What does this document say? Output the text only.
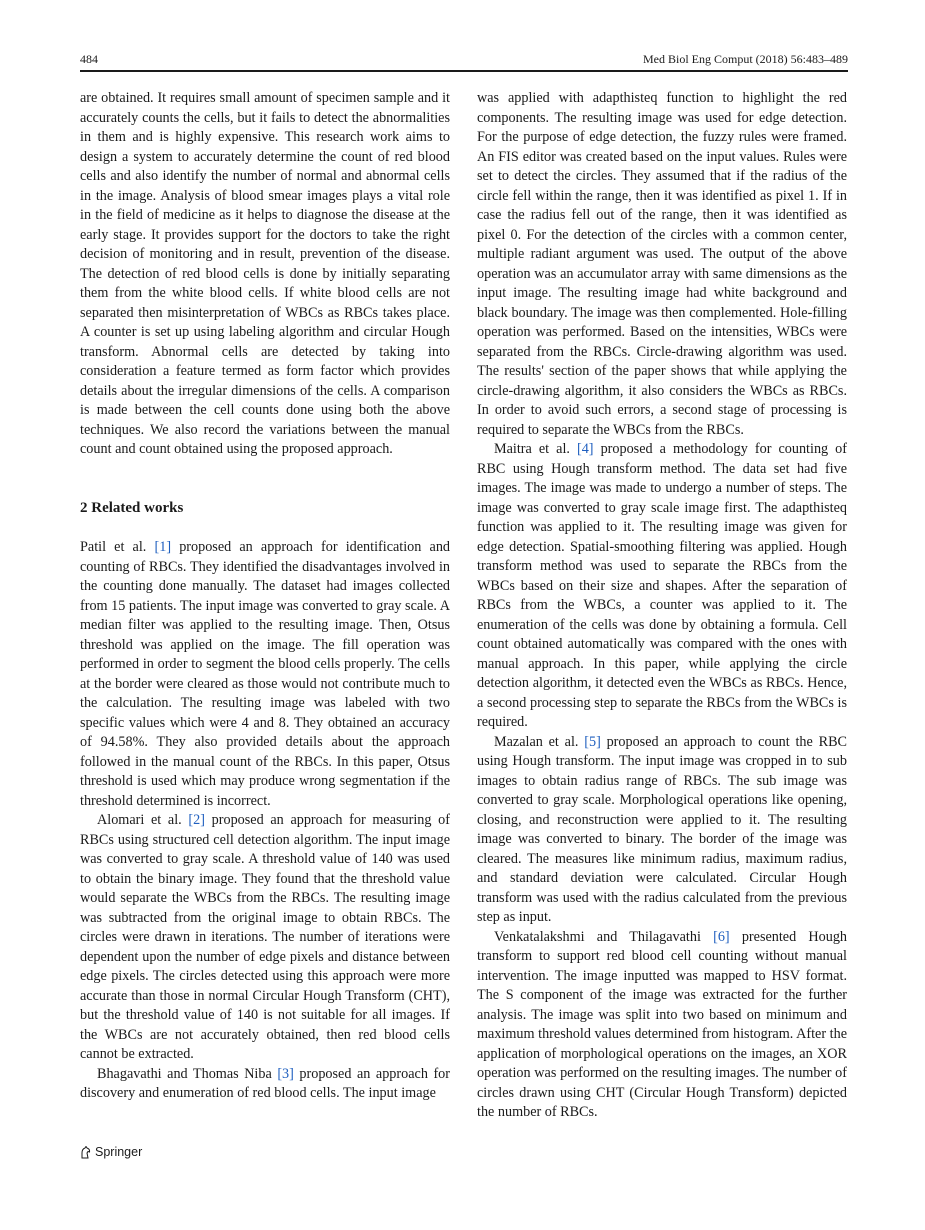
484	Med Biol Eng Comput (2018) 56:483–489

are obtained. It requires small amount of specimen sample and it accurately counts the cells, but it fails to detect the abnormalities in them and is highly expensive. This research work aims to design a system to accurately determine the count of red blood cells and also identify the number of normal and abnormal cells in the image. Analysis of blood smear images plays a vital role in the field of medicine as it helps to diagnose the disease at the early stage. It provides support for the doctors to take the right decision of monitoring and in result, prevention of the disease. The detection of red blood cells is done by initially separating them from the white blood cells. If white blood cells are not separated then misinterpretation of WBCs as RBCs takes place. A counter is set up using labeling algorithm and circular Hough transform. Abnormal cells are detected by taking into consideration a feature termed as form factor which provides details about the irregular dimensions of the cells. A comparison is made between the cell counts done using both the above techniques. We also record the variations between the manual count and count obtained using the proposed approach.

2 Related works

Patil et al. [1] proposed an approach for identification and counting of RBCs. They identified the disadvantages involved in the counting done manually. The dataset had images collected from 15 patients. The input image was converted to gray scale. A median filter was applied to the resulting image. Then, Otsus threshold was applied on the image. The fill operation was performed in order to segment the blood cells properly. The cells at the border were cleared as those would not contribute much to the calculation. The resulting image was labeled with two specific values which were 4 and 8. They obtained an accuracy of 94.58%. They also provided details about the approach followed in the manual count of the RBCs. In this paper, Otsus threshold is used which may produce wrong segmentation if the threshold determined is incorrect.

Alomari et al. [2] proposed an approach for measuring of RBCs using structured cell detection algorithm. The input image was converted to gray scale. A threshold value of 140 was used to obtain the binary image. They found that the threshold value would separate the WBCs from the RBCs. The resulting image was subtracted from the original image to obtain RBCs. The circles were drawn in iterations. The number of iterations were dependent upon the number of edge pixels and distance between edge pixels. The circles detected using this approach were more accurate than those in normal Circular Hough Transform (CHT), but the threshold value of 140 is not suitable for all images. If the WBCs are not accurately obtained, then red blood cells cannot be extracted.

Bhagavathi and Thomas Niba [3] proposed an approach for discovery and enumeration of red blood cells. The input image

was applied with adapthisteq function to highlight the red components. The resulting image was used for edge detection. For the purpose of edge detection, the fuzzy rules were framed. An FIS editor was created based on the input values. Rules were set to detect the circles. They assumed that if the radius of the circle fell within the range, then it was identified as pixel 1. If in case the radius fell out of the range, then it was identified as pixel 0. For the detection of the circles with a common center, multiple radiant argument was used. The output of the above operation was an accumulator array with same dimensions as the input image. The resulting image had white background and black boundary. The image was then complemented. Hole-filling operation was performed. Based on the intensities, WBCs were separated from the RBCs. Circle-drawing algorithm was used. The results' section of the paper shows that while applying the circle-drawing algorithm, it also considers the WBCs as RBCs. In order to avoid such errors, a second stage of processing is required to separate the WBCs from the RBCs.

Maitra et al. [4] proposed a methodology for counting of RBC using Hough transform method. The data set had five images. The image was made to undergo a number of steps. The image was converted to gray scale image first. The adapthisteq function was applied to it. The resulting image was given for edge detection. Spatial-smoothing filtering was applied. Hough transform method was used to separate the RBCs from the WBCs based on their size and shapes. After the separation of RBCs from the WBCs, a counter was applied to it. The enumeration of the cells was done by obtaining a formula. Cell count obtained automatically was compared with the ones with manual approach. In this paper, while applying the circle detection algorithm, it detected even the WBCs as RBCs. Hence, a second processing step to separate the RBCs from the WBCs is required.

Mazalan et al. [5] proposed an approach to count the RBC using Hough transform. The input image was cropped in to sub images to obtain radius range of RBCs. The sub image was converted to gray scale. Morphological operations like opening, closing, and reconstruction were applied to it. The resulting image was converted to binary. The border of the image was cleared. The measures like minimum radius, maximum radius, and standard deviation were calculated. Circular Hough transform was used with the radius calculated from the previous step as input.

Venkatalakshmi and Thilagavathi [6] presented Hough transform to support red blood cell counting without manual intervention. The image inputted was mapped to HSV format. The S component of the image was extracted for the further analysis. The image was split into two based on minimum and maximum threshold values determined from histogram. After the application of morphological operations on the images, an XOR operation was performed on the resulting images. The number of circles drawn using CHT (Circular Hough Transform) depicted the number of RBCs.

Springer
